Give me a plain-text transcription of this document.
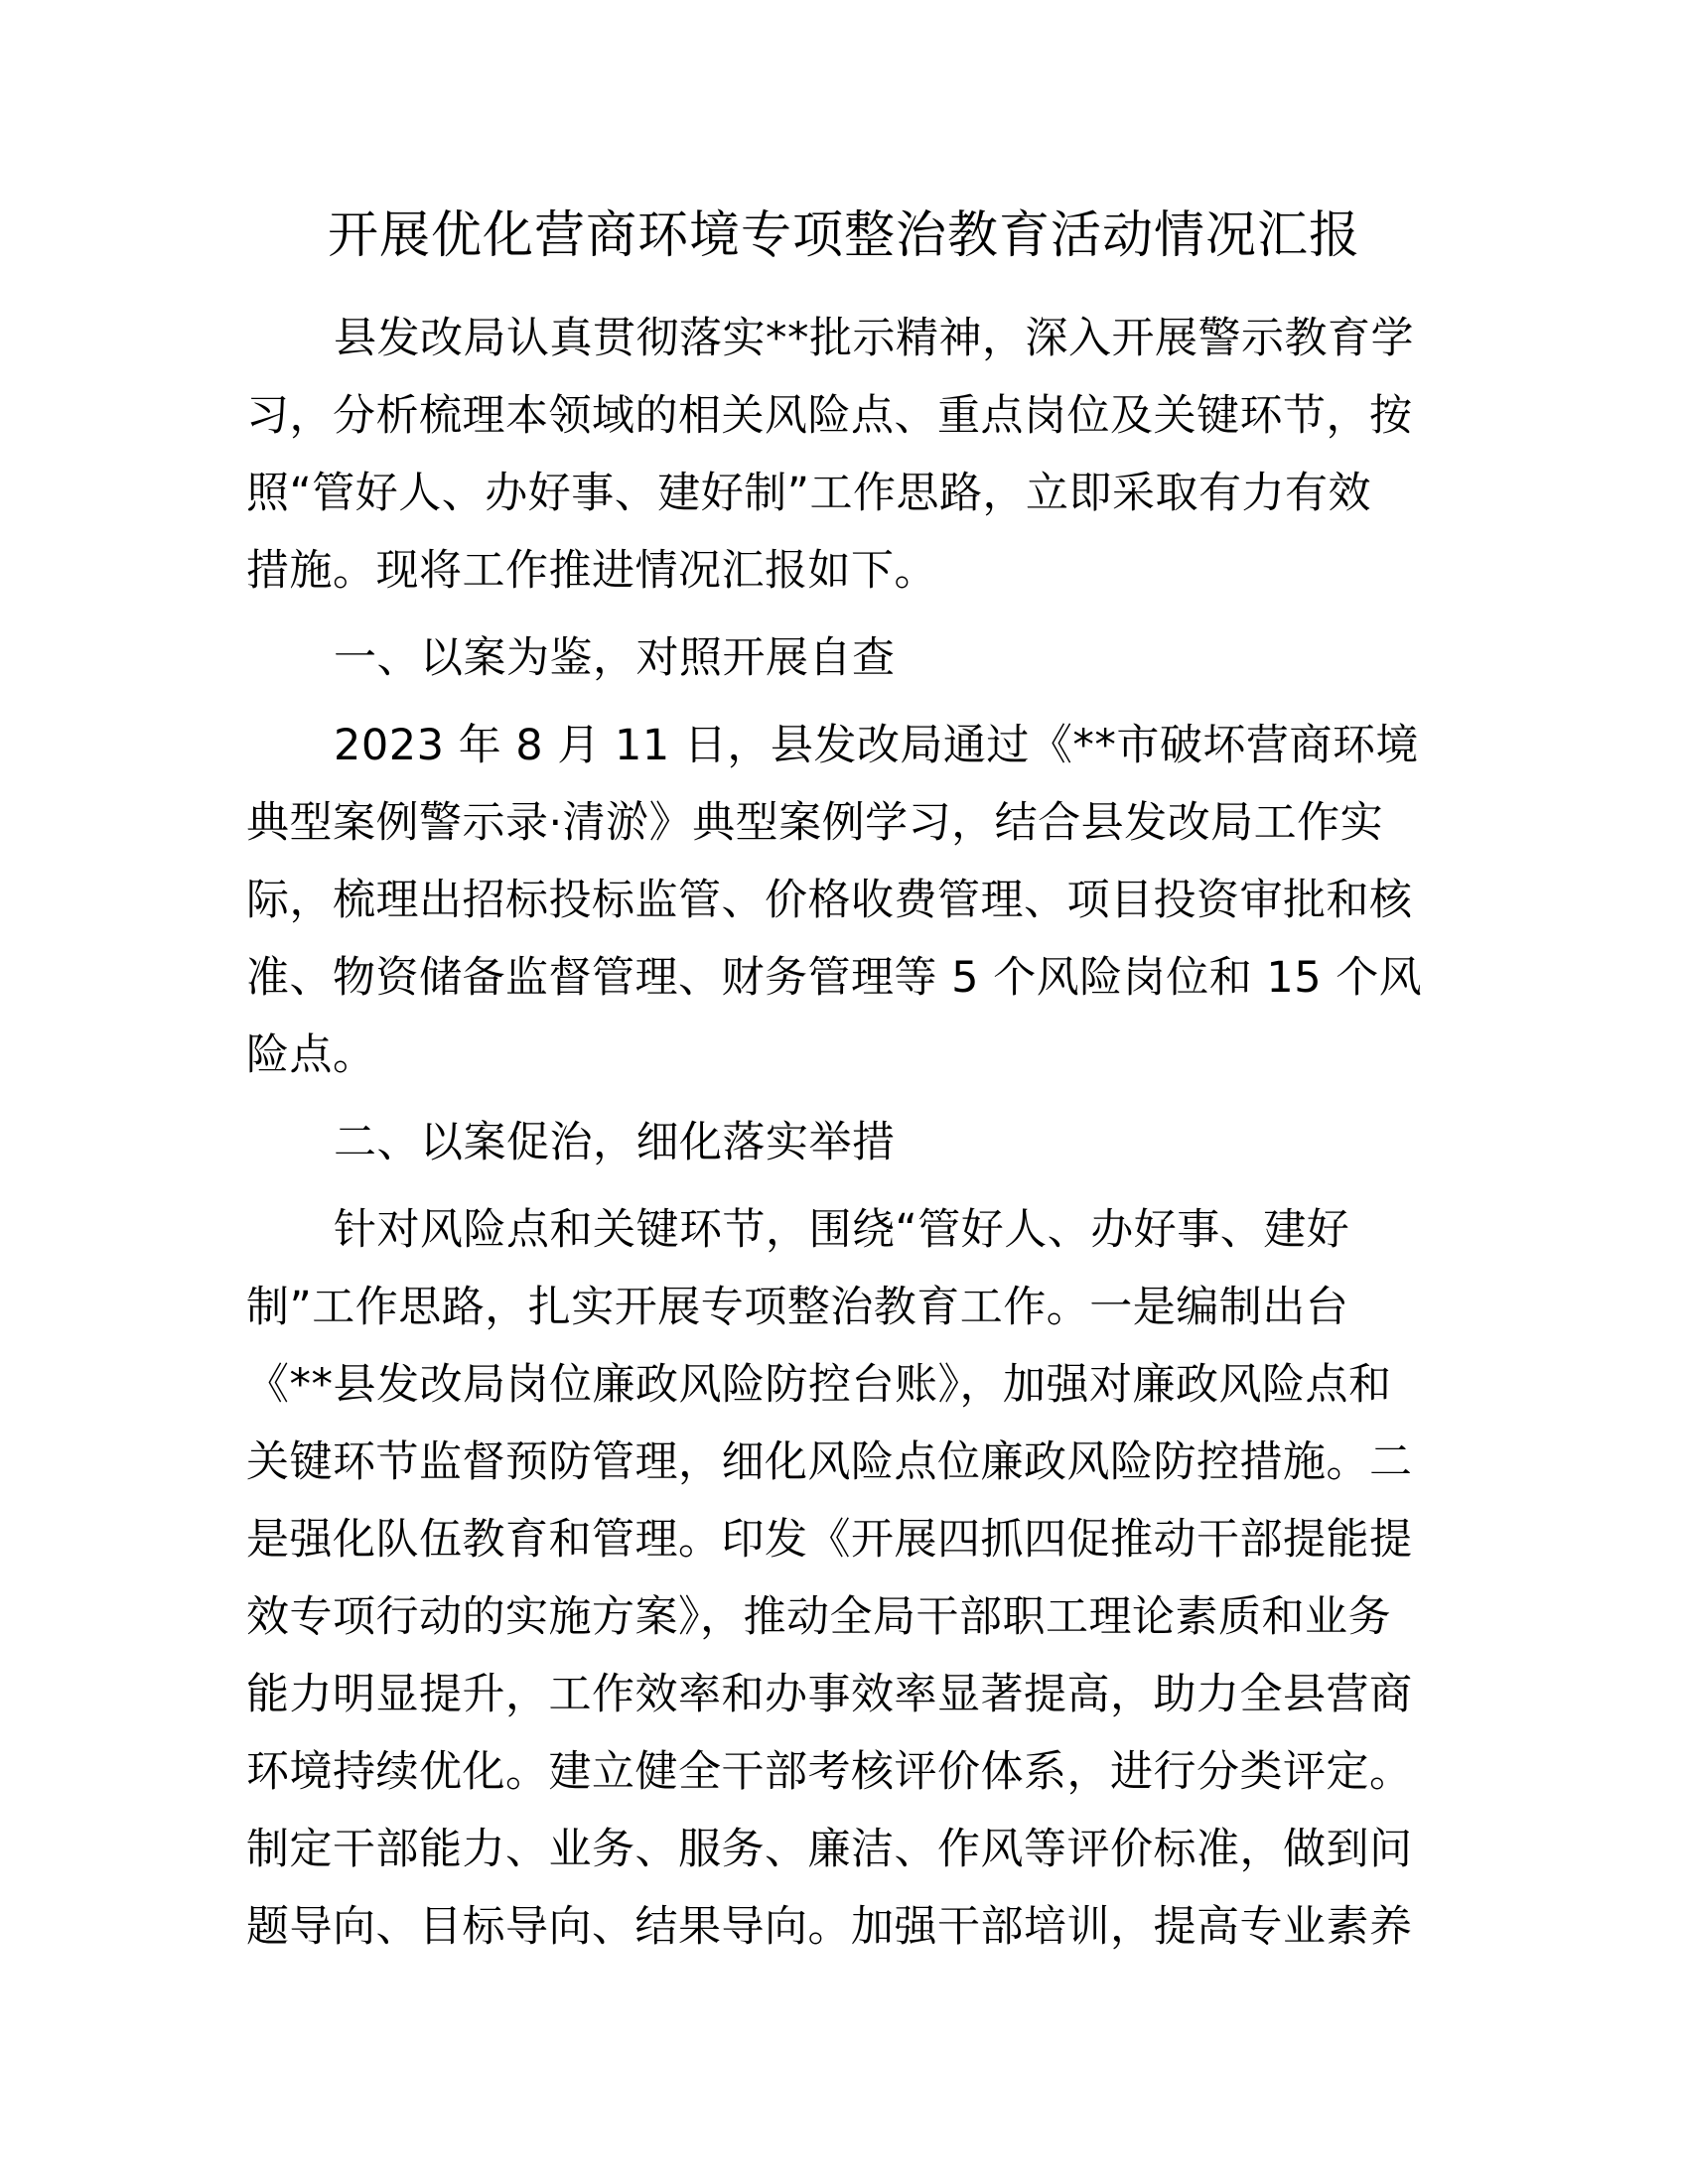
开展优化营商环境专项整治教育活动情况汇报

县发改局认真贯彻落实**批示精神，深入开展警示教育学

习，分析梳理本领域的相关风险点、重点岗位及关键环节，按

照“管好人、办好事、建好制”工作思路，立即采取有力有效

措施。现将工作推进情况汇报如下。

一、以案为鉴，对照开展自查

2023 年 8 月 11 日，县发改局通过《**市破坏营商环境

典型案例警示录·清淤》典型案例学习，结合县发改局工作实

际，梳理出招标投标监管、价格收费管理、项目投资审批和核

准、物资储备监督管理、财务管理等 5 个风险岗位和 15 个风

险点。

二、以案促治，细化落实举措

针对风险点和关键环节，围绕“管好人、办好事、建好

制”工作思路，扎实开展专项整治教育工作。一是编制出台

《**县发改局岗位廉政风险防控台账》，加强对廉政风险点和

关键环节监督预防管理，细化风险点位廉政风险防控措施。二

是强化队伍教育和管理。印发《开展四抓四促推动干部提能提

效专项行动的实施方案》，推动全局干部职工理论素质和业务

能力明显提升，工作效率和办事效率显著提高，助力全县营商

环境持续优化。建立健全干部考核评价体系，进行分类评定。

制定干部能力、业务、服务、廉洁、作风等评价标准，做到问

题导向、目标导向、结果导向。加强干部培训，提高专业素养
